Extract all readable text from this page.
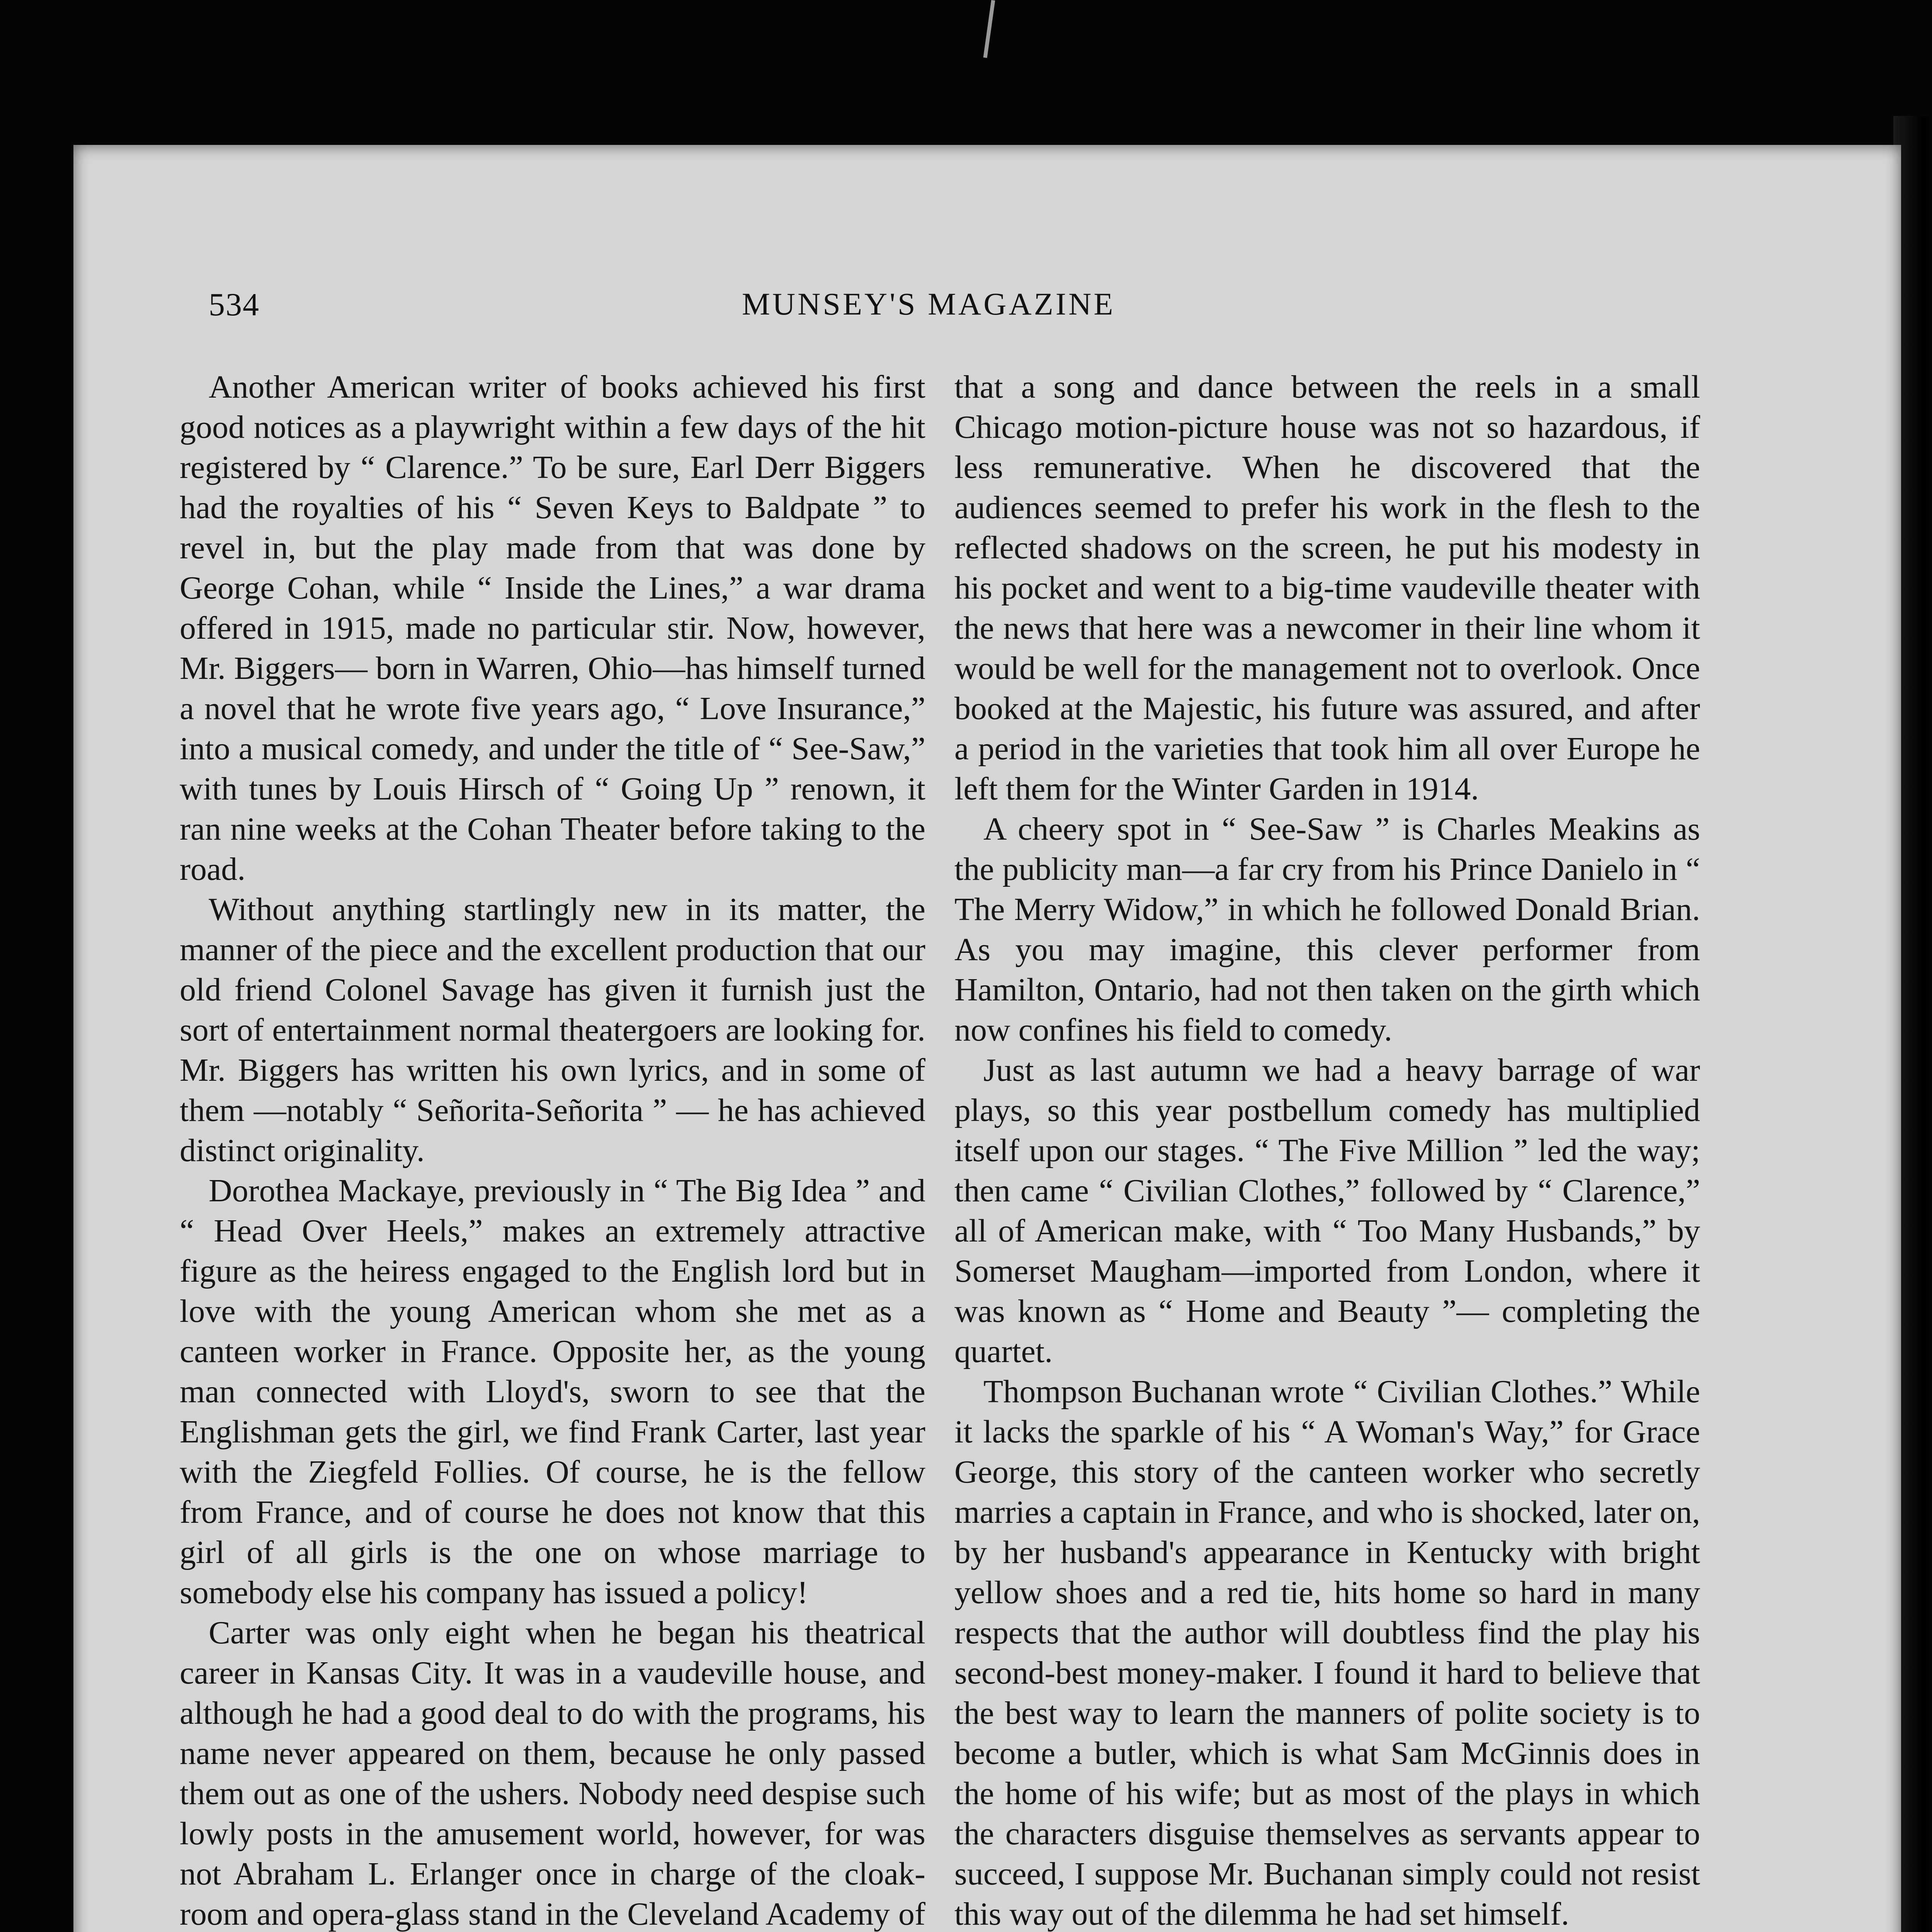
534	MUNSEY'S MAGAZINE

Another American writer of books achieved his first good notices as a playwright within a few days of the hit registered by “ Clarence.” To be sure, Earl Derr Biggers had the royalties of his “ Seven Keys to Baldpate ” to revel in, but the play made from that was done by George Cohan, while “ Inside the Lines,” a war drama offered in 1915, made no particular stir. Now, however, Mr. Biggers— born in Warren, Ohio—has himself turned a novel that he wrote five years ago, “ Love Insurance,” into a musical comedy, and under the title of “ See-Saw,” with tunes by Louis Hirsch of “ Going Up ” renown, it ran nine weeks at the Cohan Theater before taking to the road.

Without anything startlingly new in its matter, the manner of the piece and the excellent production that our old friend Colonel Savage has given it furnish just the sort of entertainment normal theatergoers are looking for. Mr. Biggers has written his own lyrics, and in some of them —notably “ Señorita-Señorita ” — he has achieved distinct originality.

Dorothea Mackaye, previously in “ The Big Idea ” and “ Head Over Heels,” makes an extremely attractive figure as the heiress engaged to the English lord but in love with the young American whom she met as a canteen worker in France. Opposite her, as the young man connected with Lloyd's, sworn to see that the Englishman gets the girl, we find Frank Carter, last year with the Ziegfeld Follies. Of course, he is the fellow from France, and of course he does not know that this girl of all girls is the one on whose marriage to somebody else his company has issued a policy!

Carter was only eight when he began his theatrical career in Kansas City. It was in a vaudeville house, and although he had a good deal to do with the programs, his name never appeared on them, because he only passed them out as one of the ushers. Nobody need despise such lowly posts in the amusement world, however, for was not Abraham L. Erlanger once in charge of the cloak-room and opera-glass stand in the Cleveland Academy of

that a song and dance between the reels in a small Chicago motion-picture house was not so hazardous, if less remunerative. When he discovered that the audiences seemed to prefer his work in the flesh to the reflected shadows on the screen, he put his modesty in his pocket and went to a big-time vaudeville theater with the news that here was a newcomer in their line whom it would be well for the management not to overlook. Once booked at the Majestic, his future was assured, and after a period in the varieties that took him all over Europe he left them for the Winter Garden in 1914.

A cheery spot in “ See-Saw ” is Charles Meakins as the publicity man—a far cry from his Prince Danielo in “ The Merry Widow,” in which he followed Donald Brian. As you may imagine, this clever performer from Hamilton, Ontario, had not then taken on the girth which now confines his field to comedy.

Just as last autumn we had a heavy barrage of war plays, so this year postbellum comedy has multiplied itself upon our stages. “ The Five Million ” led the way; then came “ Civilian Clothes,” followed by “ Clarence,” all of American make, with “ Too Many Husbands,” by Somerset Maugham—imported from London, where it was known as “ Home and Beauty ”— completing the quartet.

Thompson Buchanan wrote “ Civilian Clothes.” While it lacks the sparkle of his “ A Woman's Way,” for Grace George, this story of the canteen worker who secretly marries a captain in France, and who is shocked, later on, by her husband's appearance in Kentucky with bright yellow shoes and a red tie, hits home so hard in many respects that the author will doubtless find the play his second-best money-maker. I found it hard to believe that the best way to learn the manners of polite society is to become a butler, which is what Sam McGinnis does in the home of his wife; but as most of the plays in which the characters disguise themselves as servants appear to succeed, I suppose Mr. Buchanan simply could not resist this way out of the dilemma he had set himself.
